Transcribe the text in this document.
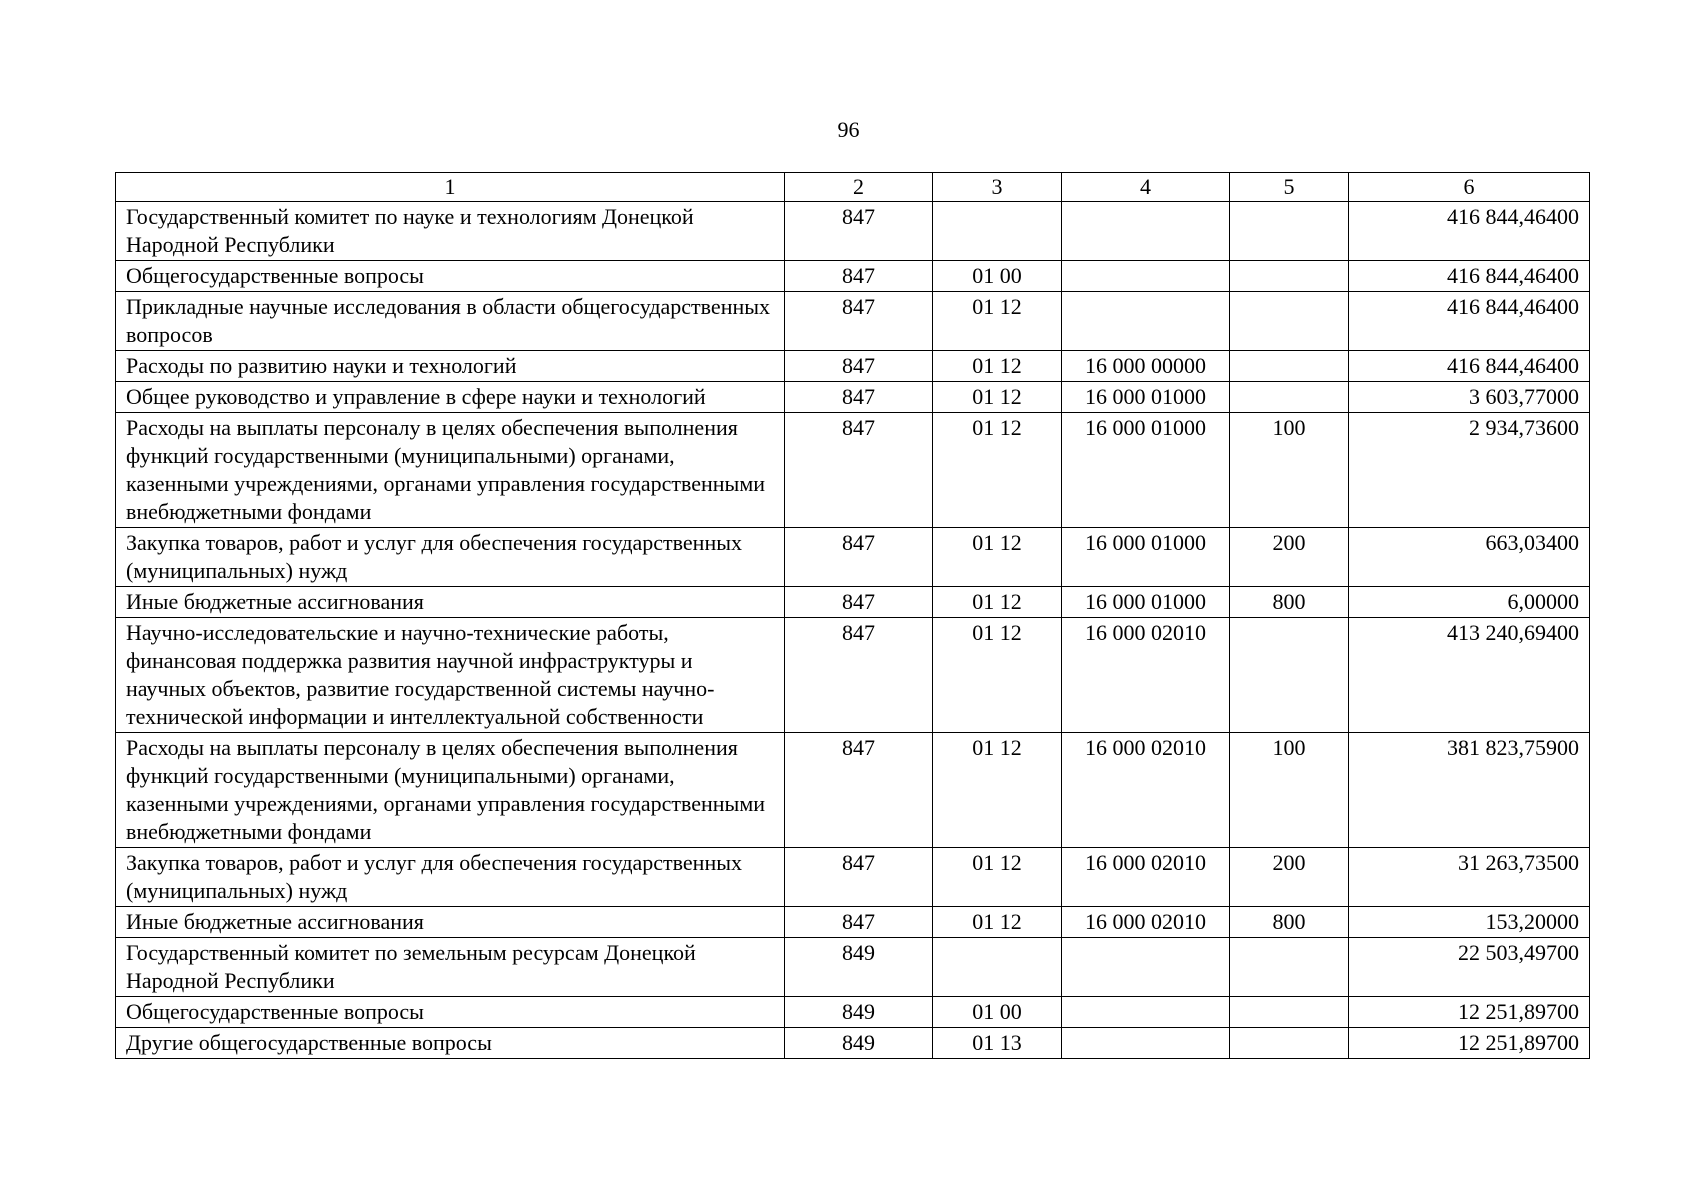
96
1	2	3	4	5	6
Государственный комитет по науке и технологиям Донецкой Народной Республики	847				416 844,46400
Общегосударственные вопросы	847	01 00			416 844,46400
Прикладные научные исследования в области общегосударственных вопросов	847	01 12			416 844,46400
Расходы по развитию науки и технологий	847	01 12	16 000 00000		416 844,46400
Общее руководство и управление в сфере науки и технологий	847	01 12	16 000 01000		3 603,77000
Расходы на выплаты персоналу в целях обеспечения выполнения функций государственными (муниципальными) органами, казенными учреждениями, органами управления государственными внебюджетными фондами	847	01 12	16 000 01000	100	2 934,73600
Закупка товаров, работ и услуг для обеспечения государственных (муниципальных) нужд	847	01 12	16 000 01000	200	663,03400
Иные бюджетные ассигнования	847	01 12	16 000 01000	800	6,00000
Научно-исследовательские и научно-технические работы, финансовая поддержка развития научной инфраструктуры и научных объектов, развитие государственной системы научно-технической информации и интеллектуальной собственности	847	01 12	16 000 02010		413 240,69400
Расходы на выплаты персоналу в целях обеспечения выполнения функций государственными (муниципальными) органами, казенными учреждениями, органами управления государственными внебюджетными фондами	847	01 12	16 000 02010	100	381 823,75900
Закупка товаров, работ и услуг для обеспечения государственных (муниципальных) нужд	847	01 12	16 000 02010	200	31 263,73500
Иные бюджетные ассигнования	847	01 12	16 000 02010	800	153,20000
Государственный комитет по земельным ресурсам Донецкой Народной Республики	849				22 503,49700
Общегосударственные вопросы	849	01 00			12 251,89700
Другие общегосударственные вопросы	849	01 13			12 251,89700
